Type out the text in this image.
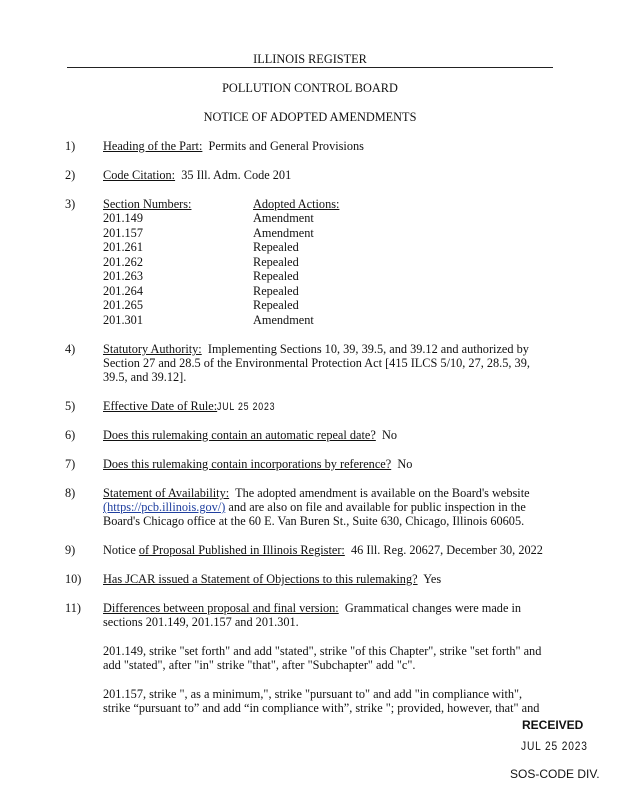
ILLINOIS REGISTER
POLLUTION CONTROL BOARD
NOTICE OF ADOPTED AMENDMENTS
1) Heading of the Part: Permits and General Provisions
2) Code Citation: 35 Ill. Adm. Code 201
3) Section Numbers:	Adopted Actions:
201.149	Amendment
201.157	Amendment
201.261	Repealed
201.262	Repealed
201.263	Repealed
201.264	Repealed
201.265	Repealed
201.301	Amendment
4) Statutory Authority: Implementing Sections 10, 39, 39.5, and 39.12 and authorized by
Section 27 and 28.5 of the Environmental Protection Act [415 ILCS 5/10, 27, 28.5, 39,
39.5, and 39.12].
5) Effective Date of Rule:JUL 25 2023
6) Does this rulemaking contain an automatic repeal date? No
7) Does this rulemaking contain incorporations by reference? No
8) Statement of Availability: The adopted amendment is available on the Board's website
(https://pcb.illinois.gov/) and are also on file and available for public inspection in the
Board's Chicago office at the 60 E. Van Buren St., Suite 630, Chicago, Illinois 60605.
9) Notice of Proposal Published in Illinois Register: 46 Ill. Reg. 20627, December 30, 2022
10) Has JCAR issued a Statement of Objections to this rulemaking? Yes
11) Differences between proposal and final version: Grammatical changes were made in
sections 201.149, 201.157 and 201.301.
201.149, strike "set forth" and add "stated", strike "of this Chapter", strike "set forth" and
add "stated", after "in" strike "that", after "Subchapter" add "c".
201.157, strike ", as a minimum,", strike "pursuant to" and add "in compliance with",
strike “pursuant to” and add “in compliance with”, strike "; provided, however, that" and
RECEIVED
JUL 25 2023
SOS-CODE DIV.
